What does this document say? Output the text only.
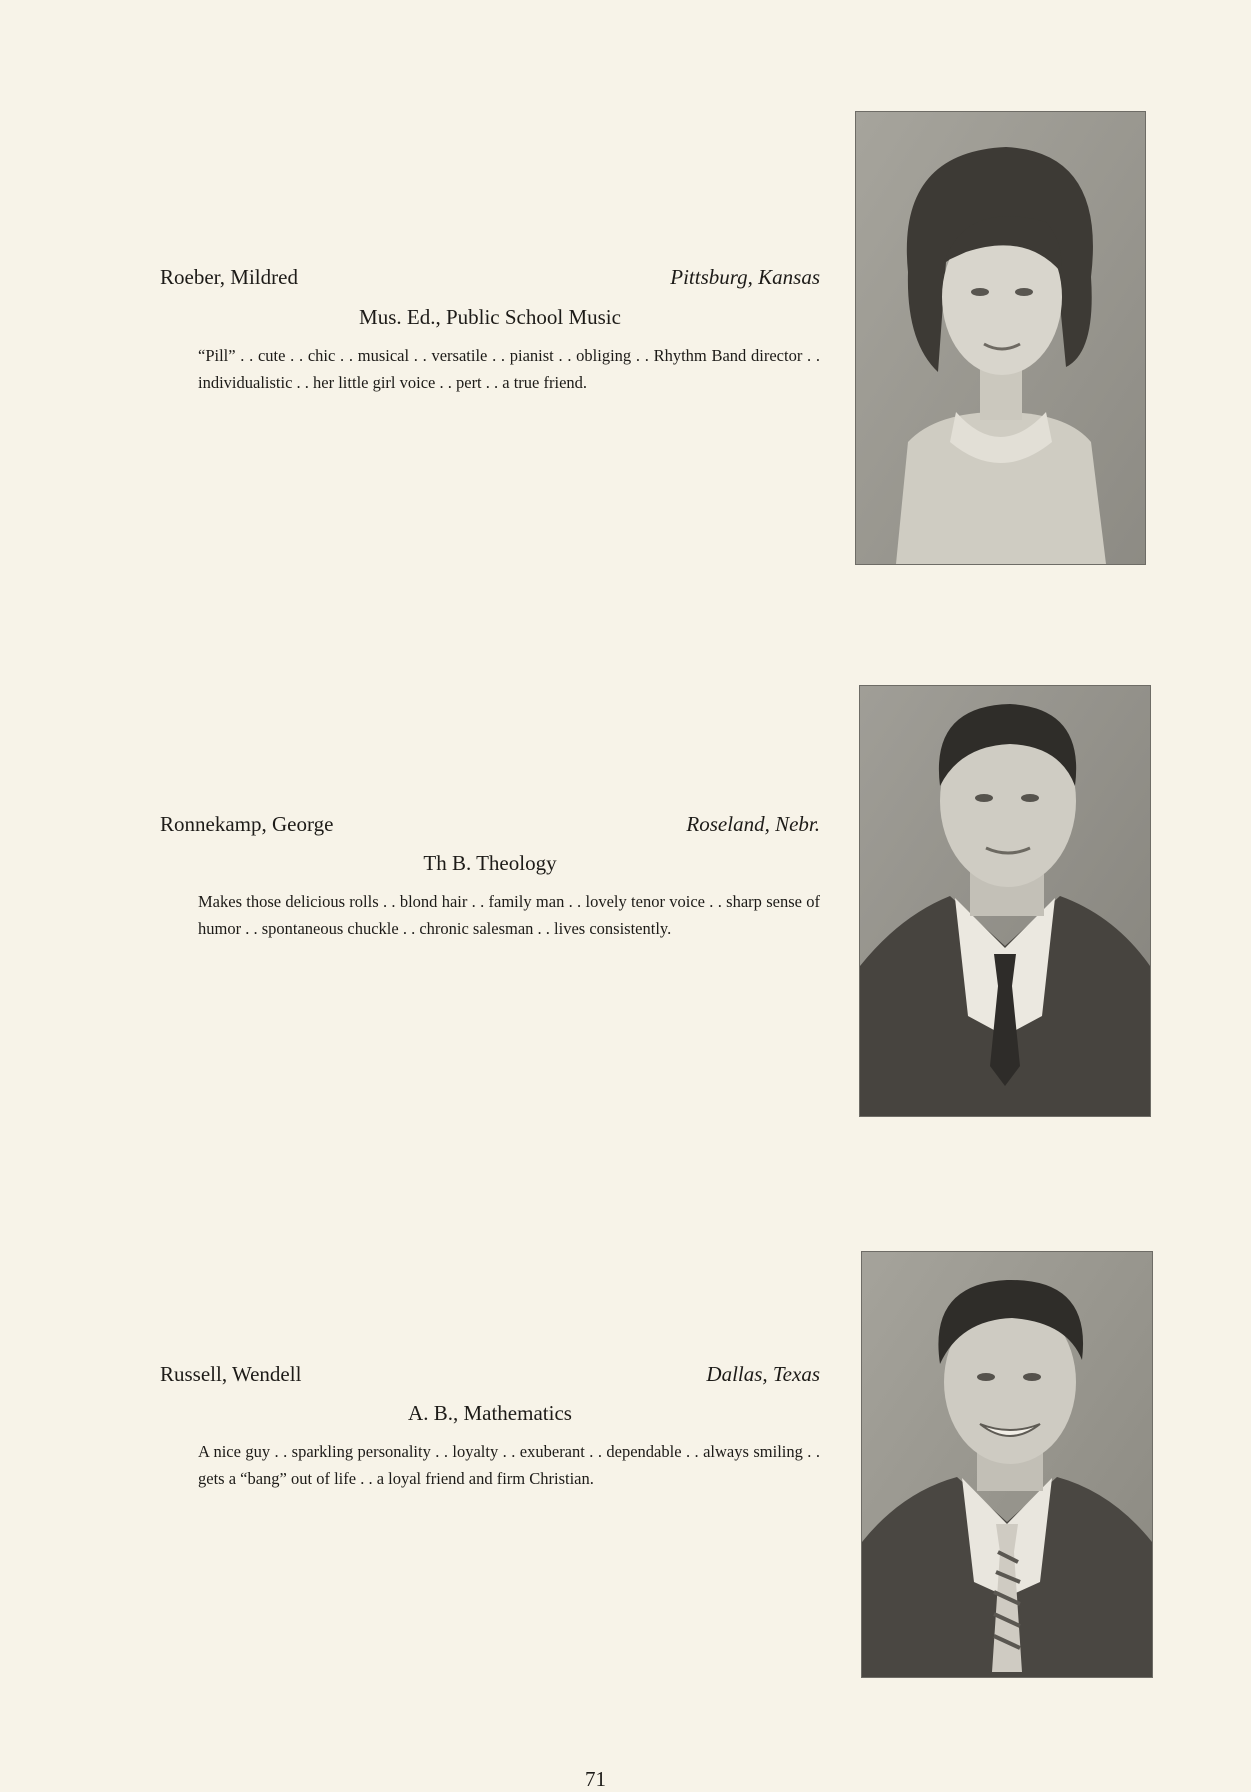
Roeber, Mildred	Pittsburg, Kansas
Mus. Ed., Public School Music
“Pill” . . cute . . chic . . musical . . versatile . . pianist . . obliging . . Rhythm Band director . . individualistic . . her little girl voice . . pert . . a true friend.
Ronnekamp, George	Roseland, Nebr.
Th B. Theology
Makes those delicious rolls . . blond hair . . family man . . lovely tenor voice . . sharp sense of humor . . spontaneous chuckle . . chronic salesman . . lives consistently.
Russell, Wendell	Dallas, Texas
A. B., Mathematics
A nice guy . . sparkling personality . . loyalty . . exuberant . . dependable . . always smiling . . gets a “bang” out of life . . a loyal friend and firm Christian.
71
